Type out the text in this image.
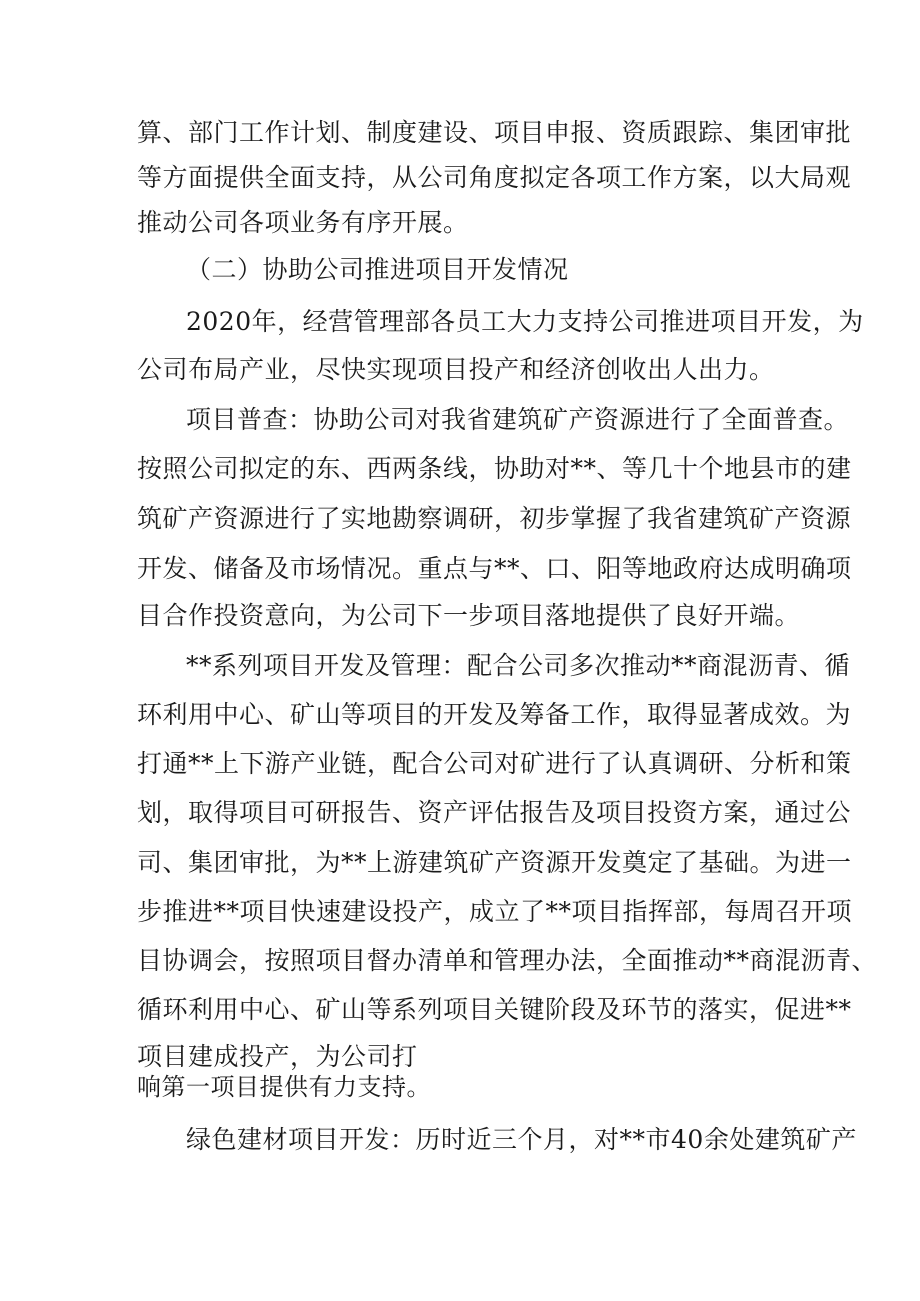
算、部门工作计划、制度建设、项目申报、资质跟踪、集团审批
等方面提供全面支持，从公司角度拟定各项工作方案，以大局观
推动公司各项业务有序开展。
（二）协助公司推进项目开发情况
2020年，经营管理部各员工大力支持公司推进项目开发，为
公司布局产业，尽快实现项目投产和经济创收出人出力。
项目普查：协助公司对我省建筑矿产资源进行了全面普查。
按照公司拟定的东、西两条线，协助对**、等几十个地县市的建
筑矿产资源进行了实地勘察调研，初步掌握了我省建筑矿产资源
开发、储备及市场情况。重点与**、口、阳等地政府达成明确项
目合作投资意向，为公司下一步项目落地提供了良好开端。
**系列项目开发及管理：配合公司多次推动**商混沥青、循
环利用中心、矿山等项目的开发及筹备工作，取得显著成效。为
打通**上下游产业链，配合公司对矿进行了认真调研、分析和策
划，取得项目可研报告、资产评估报告及项目投资方案，通过公
司、集团审批，为**上游建筑矿产资源开发奠定了基础。为进一
步推进**项目快速建设投产，成立了**项目指挥部，每周召开项
目协调会，按照项目督办清单和管理办法，全面推动**商混沥青、
循环利用中心、矿山等系列项目关键阶段及环节的落实，促进**
项目建成投产，为公司打
响第一项目提供有力支持。
绿色建材项目开发：历时近三个月，对**市40余处建筑矿产
